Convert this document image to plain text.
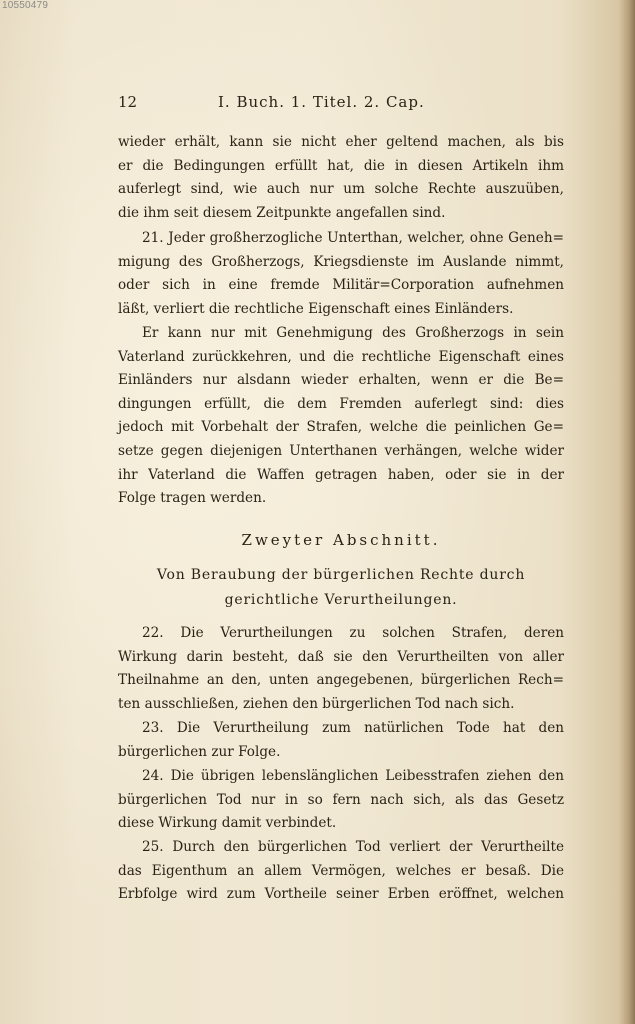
10550479
12	I. Buch. 1. Titel. 2. Cap.
wieder erhält, kann sie nicht eher geltend machen, als bis
er die Bedingungen erfüllt hat, die in diesen Artikeln ihm
auferlegt sind, wie auch nur um solche Rechte auszuüben,
die ihm seit diesem Zeitpunkte angefallen sind.
21. Jeder großherzogliche Unterthan, welcher, ohne Geneh=
migung des Großherzogs, Kriegsdienste im Auslande nimmt,
oder sich in eine fremde Militär=Corporation aufnehmen
läßt, verliert die rechtliche Eigenschaft eines Einländers.
Er kann nur mit Genehmigung des Großherzogs in sein
Vaterland zurückkehren, und die rechtliche Eigenschaft eines
Einländers nur alsdann wieder erhalten, wenn er die Be=
dingungen erfüllt, die dem Fremden auferlegt sind: dies
jedoch mit Vorbehalt der Strafen, welche die peinlichen Ge=
setze gegen diejenigen Unterthanen verhängen, welche wider
ihr Vaterland die Waffen getragen haben, oder sie in der
Folge tragen werden.
Zweyter Abschnitt.
Von Beraubung der bürgerlichen Rechte durch
gerichtliche Verurtheilungen.
22. Die Verurtheilungen zu solchen Strafen, deren
Wirkung darin besteht, daß sie den Verurtheilten von aller
Theilnahme an den, unten angegebenen, bürgerlichen Rech=
ten ausschließen, ziehen den bürgerlichen Tod nach sich.
23. Die Verurtheilung zum natürlichen Tode hat den
bürgerlichen zur Folge.
24. Die übrigen lebenslänglichen Leibesstrafen ziehen den
bürgerlichen Tod nur in so fern nach sich, als das Gesetz
diese Wirkung damit verbindet.
25. Durch den bürgerlichen Tod verliert der Verurtheilte
das Eigenthum an allem Vermögen, welches er besaß. Die
Erbfolge wird zum Vortheile seiner Erben eröffnet, welchen
